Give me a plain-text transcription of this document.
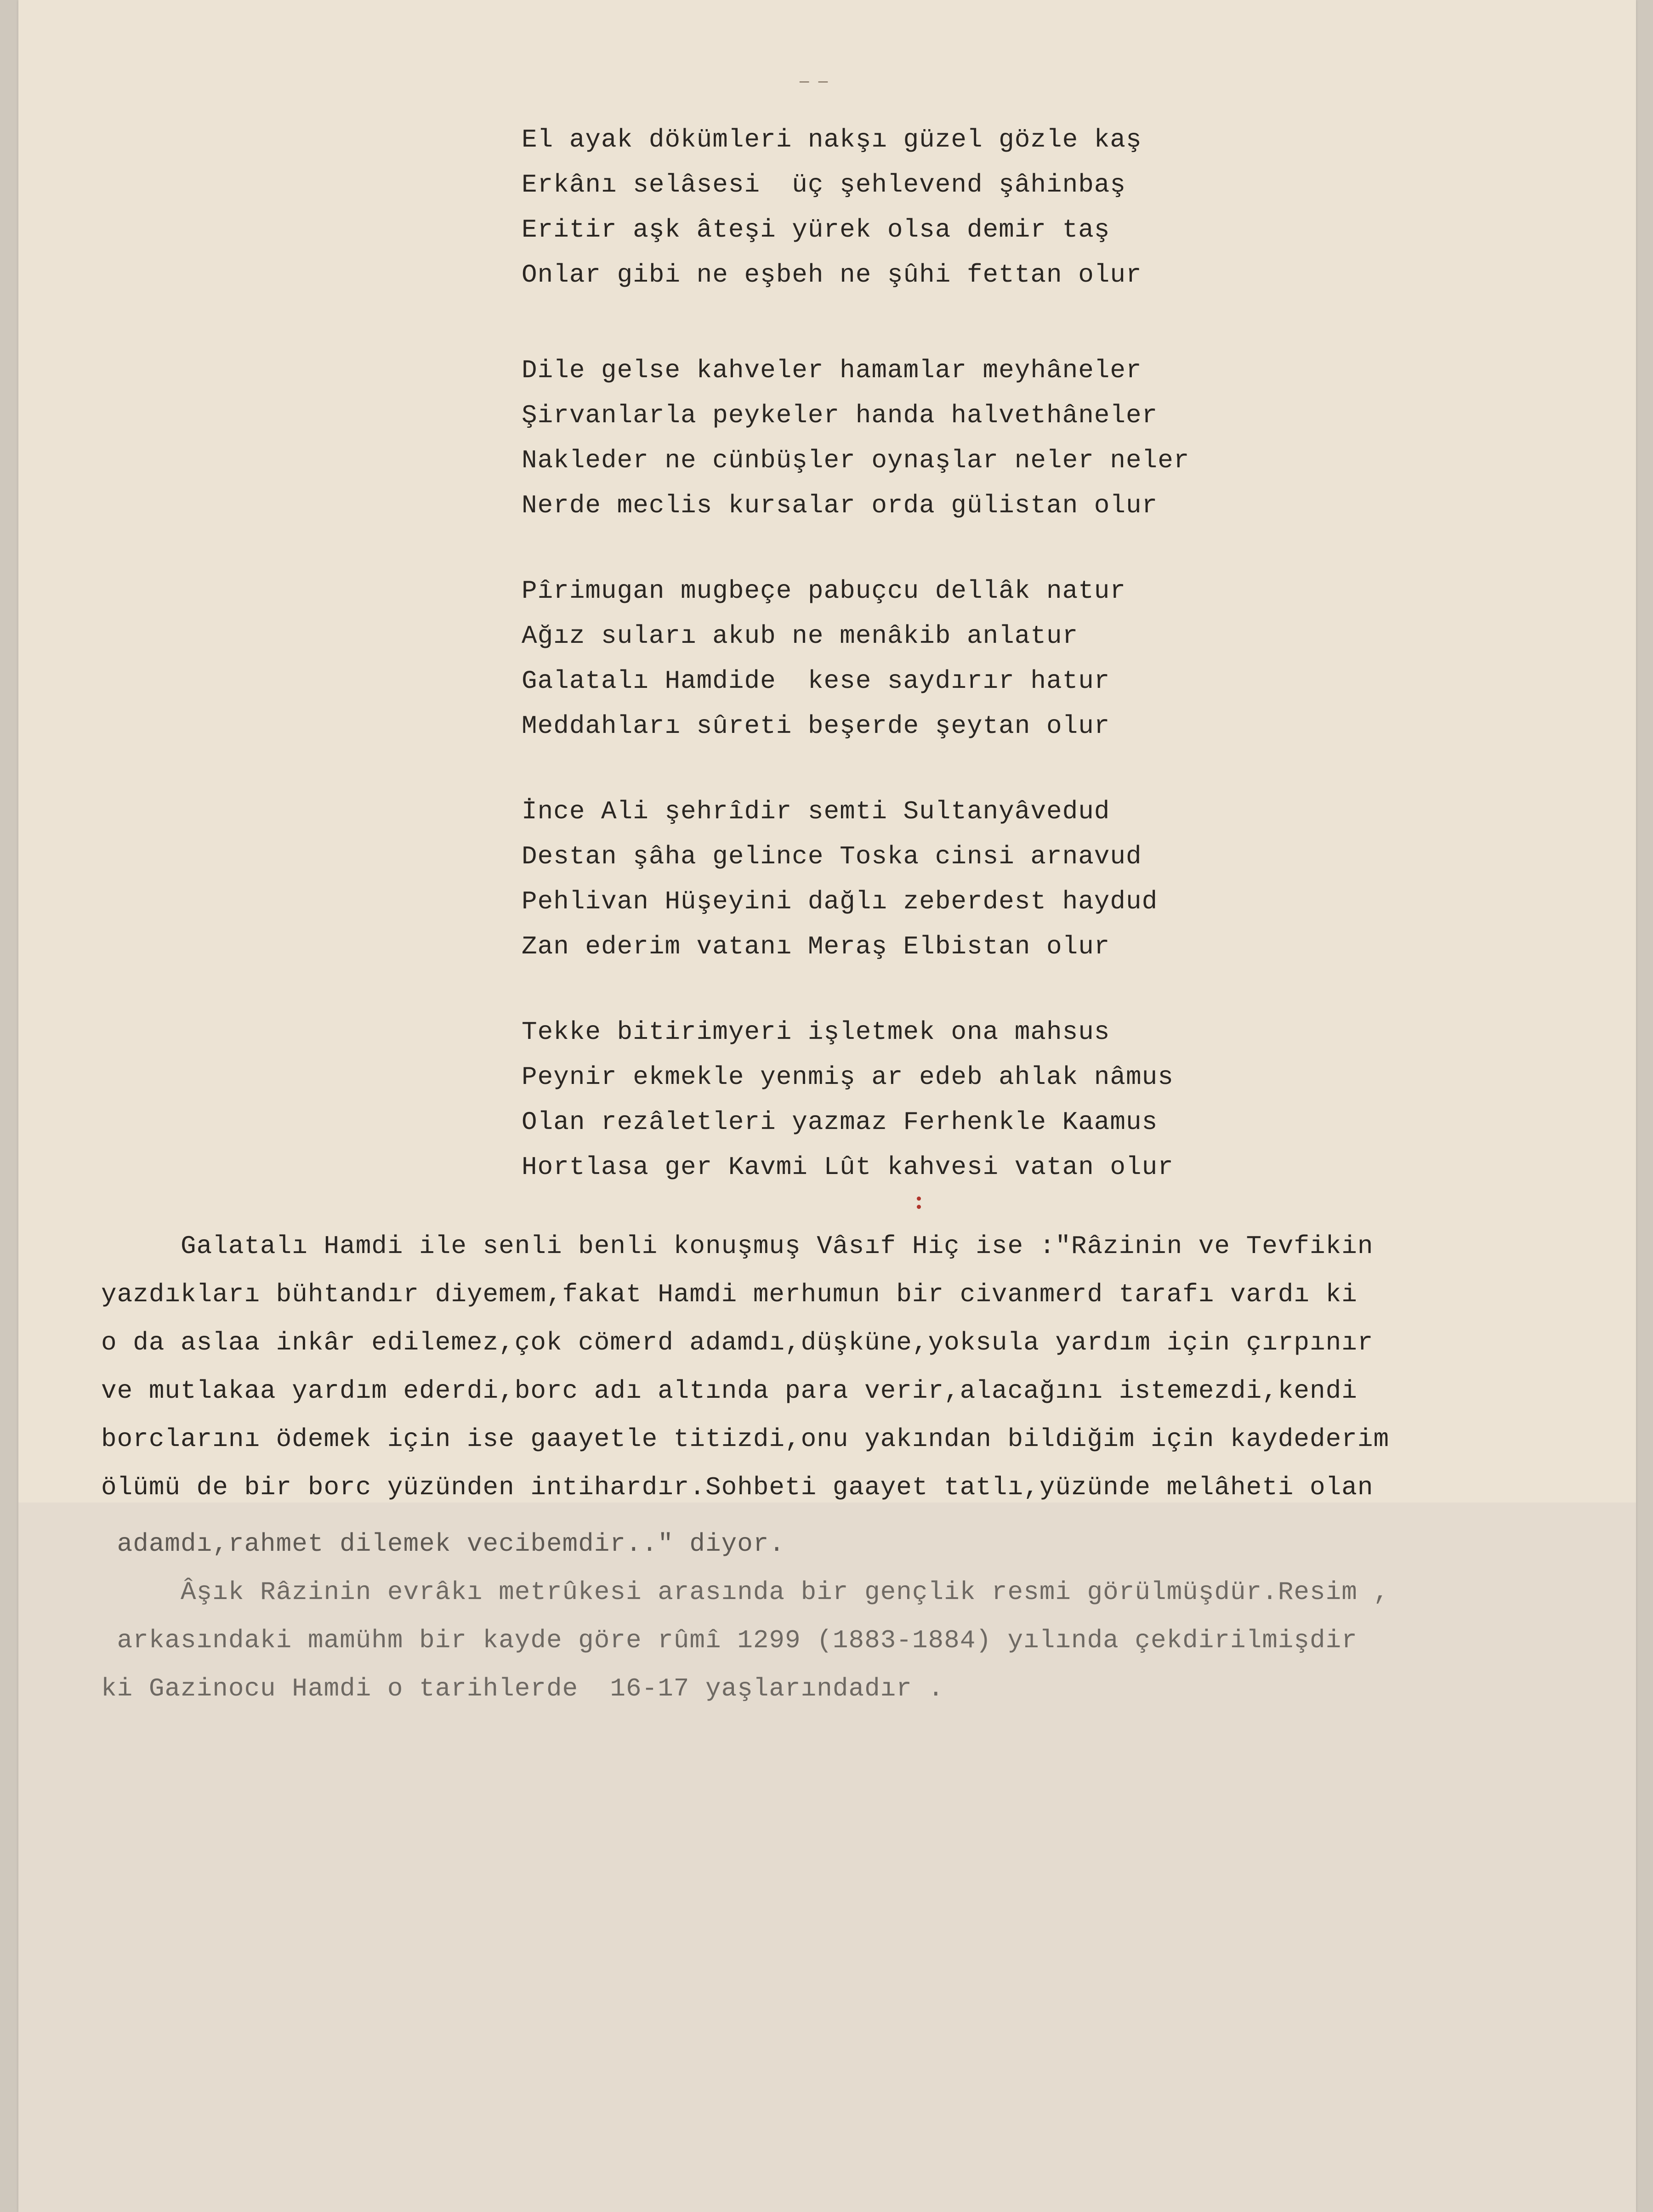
— —
El ayak dökümleri nakşı güzel gözle kaş
Erkânı selâsesi  üç şehlevend şâhinbaş
Eritir aşk âteşi yürek olsa demir taş
Onlar gibi ne eşbeh ne şûhi fettan olur
Dile gelse kahveler hamamlar meyhâneler
Şirvanlarla peykeler handa halvethâneler
Nakleder ne cünbüşler oynaşlar neler neler
Nerde meclis kursalar orda gülistan olur
Pîrimugan mugbeçe pabuçcu dellâk natur
Ağız suları akub ne menâkib anlatur
Galatalı Hamdide  kese saydırır hatur
Meddahları sûreti beşerde şeytan olur
İnce Ali şehrîdir semti Sultanyâvedud
Destan şâha gelince Toska cinsi arnavud
Pehlivan Hüşeyini dağlı zeberdest haydud
Zan ederim vatanı Meraş Elbistan olur
Tekke bitirimyeri işletmek ona mahsus
Peynir ekmekle yenmiş ar edeb ahlak nâmus
Olan rezâletleri yazmaz Ferhenkle Kaamus
Hortlasa ger Kavmi Lût kahvesi vatan olur
Galatalı Hamdi ile senli benli konuşmuş Vâsıf Hiç ise :"Râzinin ve Tevfikin
yazdıkları bühtandır diyemem,fakat Hamdi merhumun bir civanmerd tarafı vardı ki
o da aslaa inkâr edilemez,çok cömerd adamdı,düşküne,yoksula yardım için çırpınır
ve mutlakaa yardım ederdi,borc adı altında para verir,alacağını istemezdi,kendi
borclarını ödemek için ise gaayetle titizdi,onu yakından bildiğim için kaydederim
ölümü de bir borc yüzünden intihardır.Sohbeti gaayet tatlı,yüzünde melâheti olan
adamdı,rahmet dilemek vecibemdir.." diyor.
Âşık Râzinin evrâkı metrûkesi arasında bir gençlik resmi görülmüşdür.Resim ,
arkasındaki mamühm bir kayde göre rûmî 1299 (1883-1884) yılında çekdirilmişdir
ki Gazinocu Hamdi o tarihlerde  16-17 yaşlarındadır .
